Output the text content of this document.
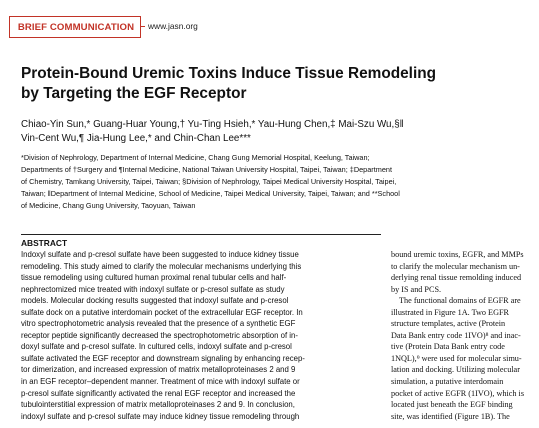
BRIEF COMMUNICATION	www.jasn.org
Protein-Bound Uremic Toxins Induce Tissue Remodeling
by Targeting the EGF Receptor
Chiao-Yin Sun,* Guang-Huar Young,† Yu-Ting Hsieh,* Yau-Hung Chen,‡ Mai-Szu Wu,§‖
Vin-Cent Wu,¶ Jia-Hung Lee,* and Chin-Chan Lee***
*Division of Nephrology, Department of Internal Medicine, Chang Gung Memorial Hospital, Keelung, Taiwan;
Departments of †Surgery and ¶Internal Medicine, National Taiwan University Hospital, Taipei, Taiwan; ‡Department
of Chemistry, Tamkang University, Taipei, Taiwan; §Division of Nephrology, Taipei Medical University Hospital, Taipei,
Taiwan; ‖Department of Internal Medicine, School of Medicine, Taipei Medical University, Taipei, Taiwan; and **School
of Medicine, Chang Gung University, Taoyuan, Taiwan
ABSTRACT
Indoxyl sulfate and p-cresol sulfate have been suggested to induce kidney tissue
remodeling. This study aimed to clarify the molecular mechanisms underlying this
tissue remodeling using cultured human proximal renal tubular cells and half-
nephrectomized mice treated with indoxyl sulfate or p-cresol sulfate as study
models. Molecular docking results suggested that indoxyl sulfate and p-cresol
sulfate dock on a putative interdomain pocket of the extracellular EGF receptor. In
vitro spectrophotometric analysis revealed that the presence of a synthetic EGF
receptor peptide significantly decreased the spectrophotometric absorption of in-
doxyl sulfate and p-cresol sulfate. In cultured cells, indoxyl sulfate and p-cresol
sulfate activated the EGF receptor and downstream signaling by enhancing recep-
tor dimerization, and increased expression of matrix metalloproteinases 2 and 9
in an EGF receptor–dependent manner. Treatment of mice with indoxyl sulfate or
p-cresol sulfate significantly activated the renal EGF receptor and increased the
tubulointerstitial expression of matrix metalloproteinases 2 and 9. In conclusion,
indoxyl sulfate and p-cresol sulfate may induce kidney tissue remodeling through
bound uremic toxins, EGFR, and MMPs
to clarify the molecular mechanism un-
derlying renal tissue remolding induced
by IS and PCS.
The functional domains of EGFR are
illustrated in Figure 1A. Two EGFR
structure templates, active (Protein
Data Bank entry code 1IVO)⁸ and inac-
tive (Protein Data Bank entry code
1NQL),⁹ were used for molecular simu-
lation and docking. Utilizing molecular
simulation, a putative interdomain
pocket of active EGFR (1IVO), which is
located just beneath the EGF binding
site, was identified (Figure 1B). The
